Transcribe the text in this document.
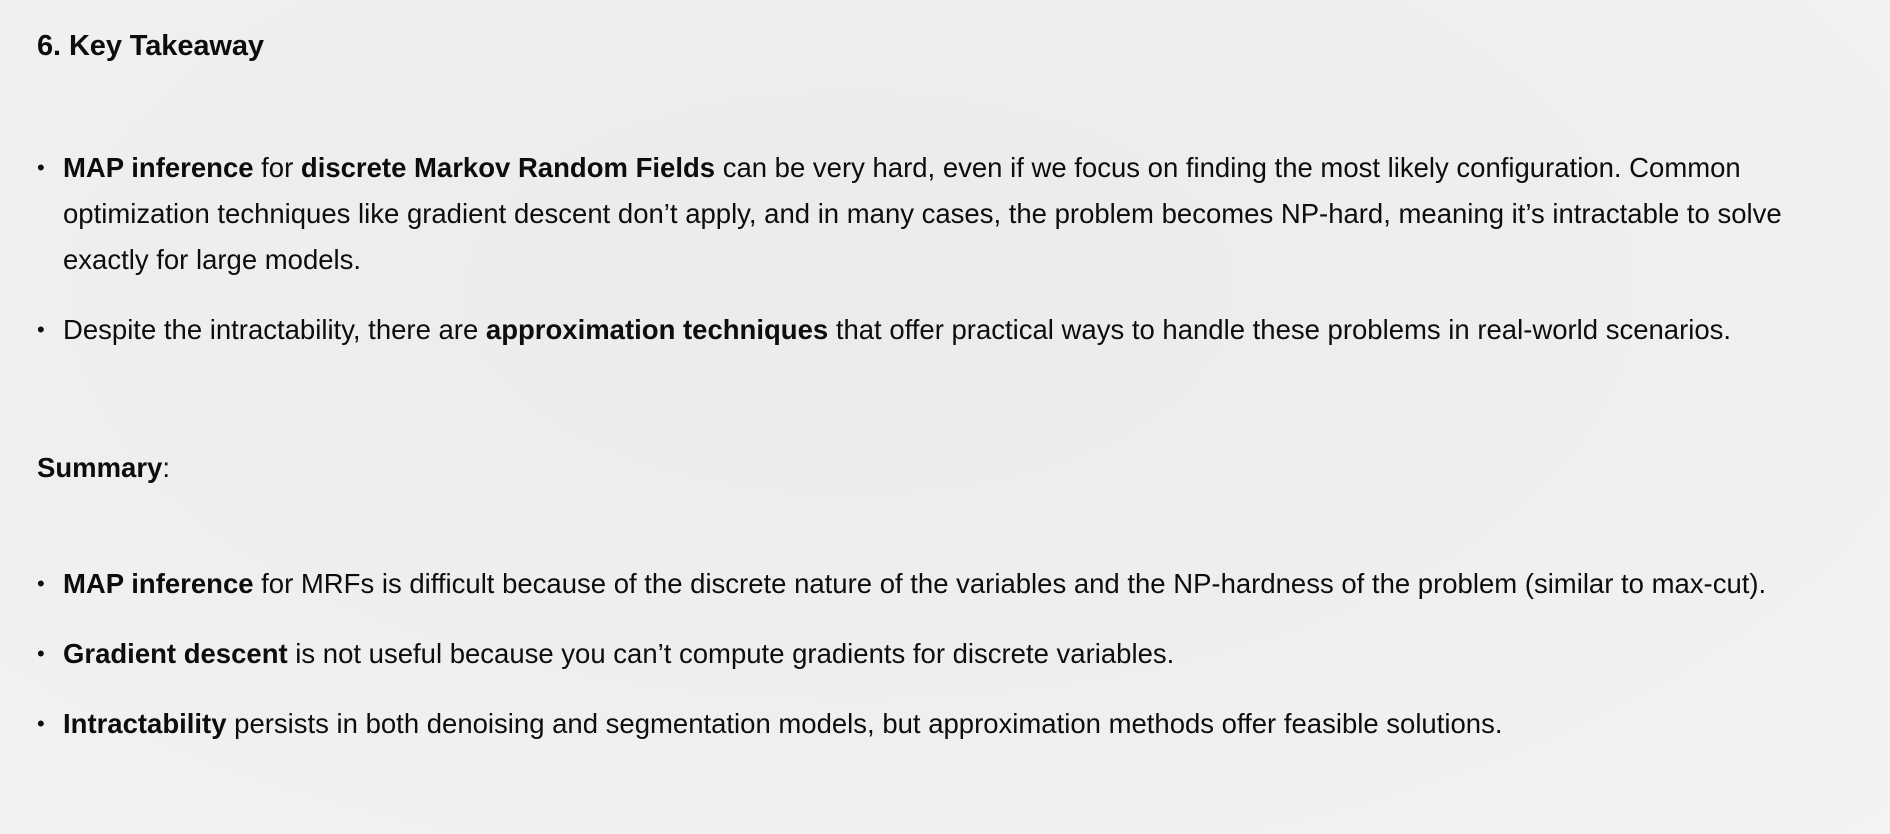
6. Key Takeaway
• MAP inference for discrete Markov Random Fields can be very hard, even if we focus on finding the most likely configuration. Common optimization techniques like gradient descent don’t apply, and in many cases, the problem becomes NP-hard, meaning it’s intractable to solve exactly for large models.
• Despite the intractability, there are approximation techniques that offer practical ways to handle these problems in real-world scenarios.
Summary:
• MAP inference for MRFs is difficult because of the discrete nature of the variables and the NP-hardness of the problem (similar to max-cut).
• Gradient descent is not useful because you can’t compute gradients for discrete variables.
• Intractability persists in both denoising and segmentation models, but approximation methods offer feasible solutions.
